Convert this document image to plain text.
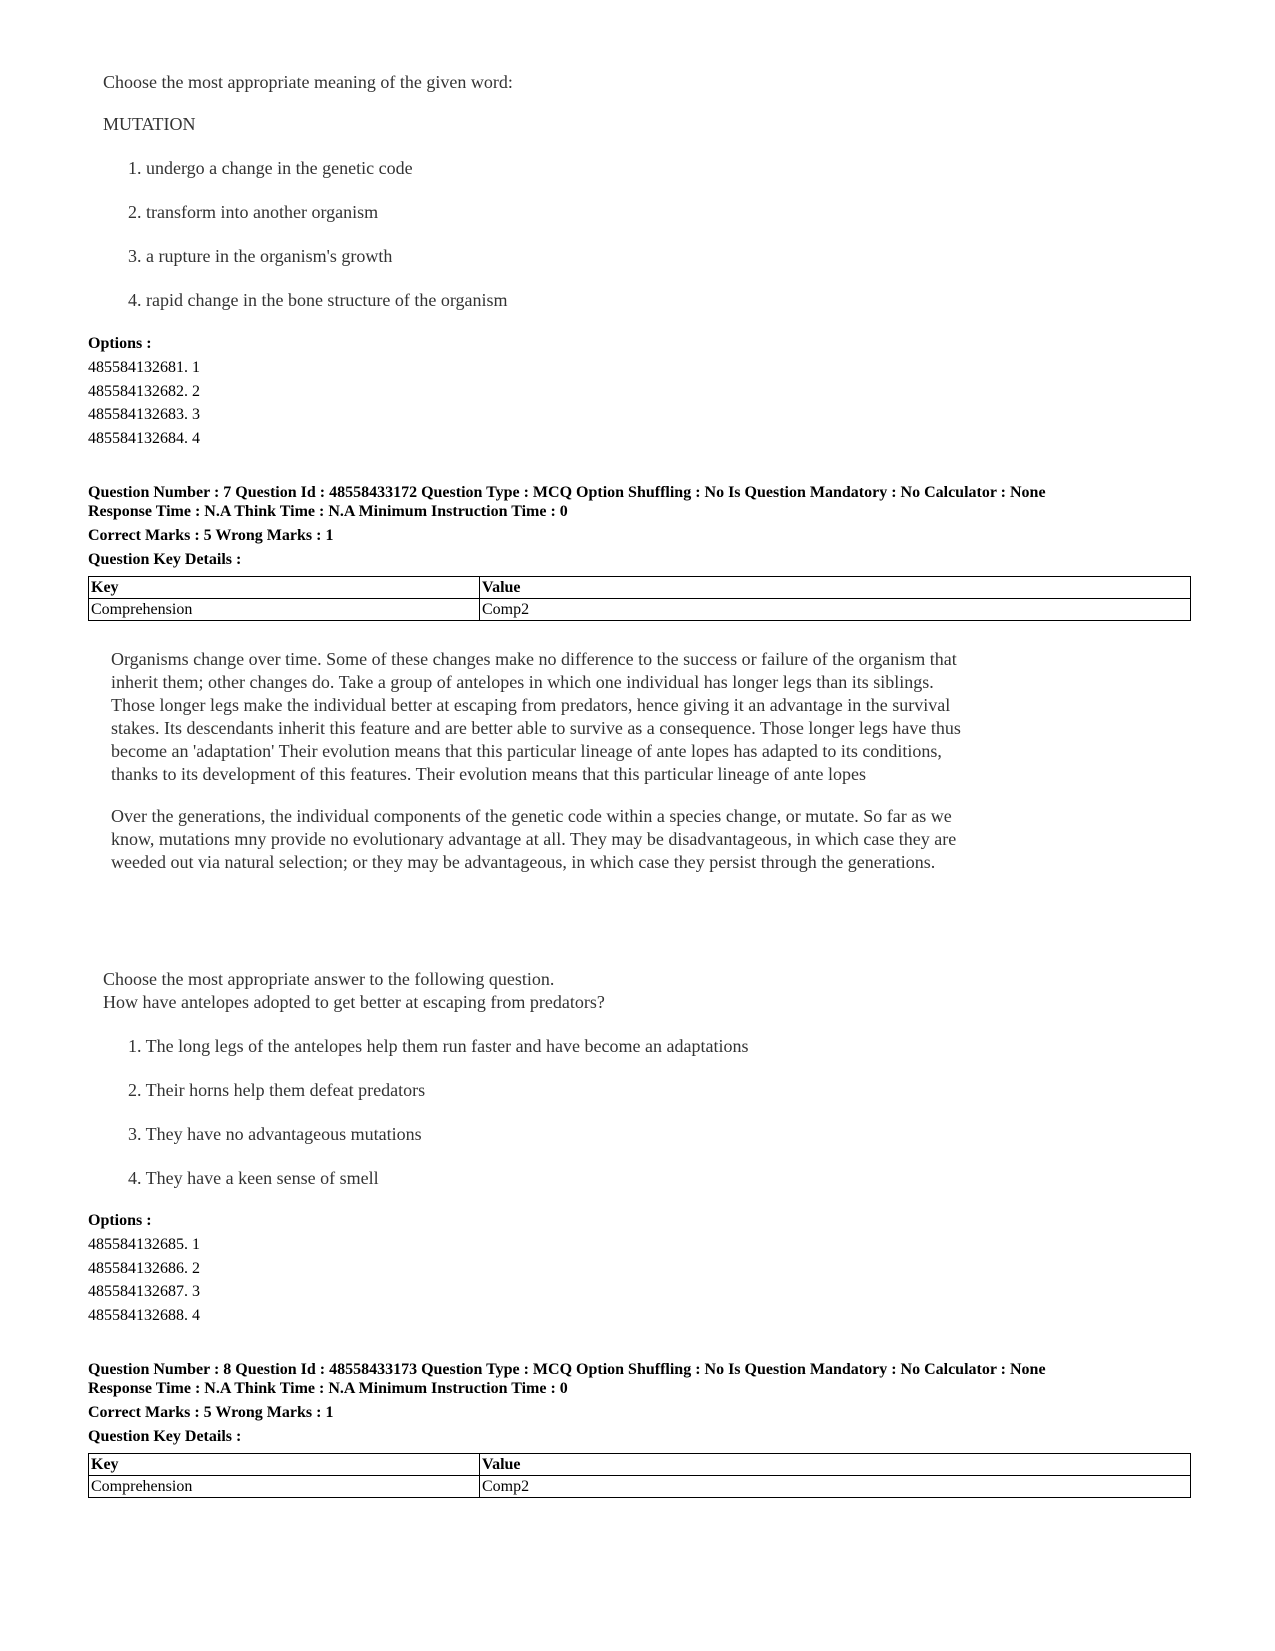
Choose the most appropriate meaning of the given word:
MUTATION
1. undergo a change in the genetic code
2. transform into another organism
3. a rupture in the organism's growth
4. rapid change in the bone structure of the organism
Options :
485584132681. 1
485584132682. 2
485584132683. 3
485584132684. 4
Question Number : 7 Question Id : 48558433172 Question Type : MCQ Option Shuffling : No Is Question Mandatory : No Calculator : None
Response Time : N.A Think Time : N.A Minimum Instruction Time : 0
Correct Marks : 5 Wrong Marks : 1
Question Key Details :
Key	Value
Comprehension	Comp2

Organisms change over time. Some of these changes make no difference to the success or failure of the organism that inherit them; other changes do. Take a group of antelopes in which one individual has longer legs than its siblings. Those longer legs make the individual better at escaping from predators, hence giving it an advantage in the survival stakes. Its descendants inherit this feature and are better able to survive as a consequence. Those longer legs have thus become an 'adaptation' Their evolution means that this particular lineage of ante lopes has adapted to its conditions, thanks to its development of this features. Their evolution means that this particular lineage of ante lopes

Over the generations, the individual components of the genetic code within a species change, or mutate. So far as we know, mutations mny provide no evolutionary advantage at all. They may be disadvantageous, in which case they are weeded out via natural selection; or they may be advantageous, in which case they persist through the generations.

Choose the most appropriate answer to the following question.
How have antelopes adopted to get better at escaping from predators?
1. The long legs of the antelopes help them run faster and have become an adaptations
2. Their horns help them defeat predators
3. They have no advantageous mutations
4. They have a keen sense of smell
Options :
485584132685. 1
485584132686. 2
485584132687. 3
485584132688. 4
Question Number : 8 Question Id : 48558433173 Question Type : MCQ Option Shuffling : No Is Question Mandatory : No Calculator : None
Response Time : N.A Think Time : N.A Minimum Instruction Time : 0
Correct Marks : 5 Wrong Marks : 1
Question Key Details :
Key	Value
Comprehension	Comp2
